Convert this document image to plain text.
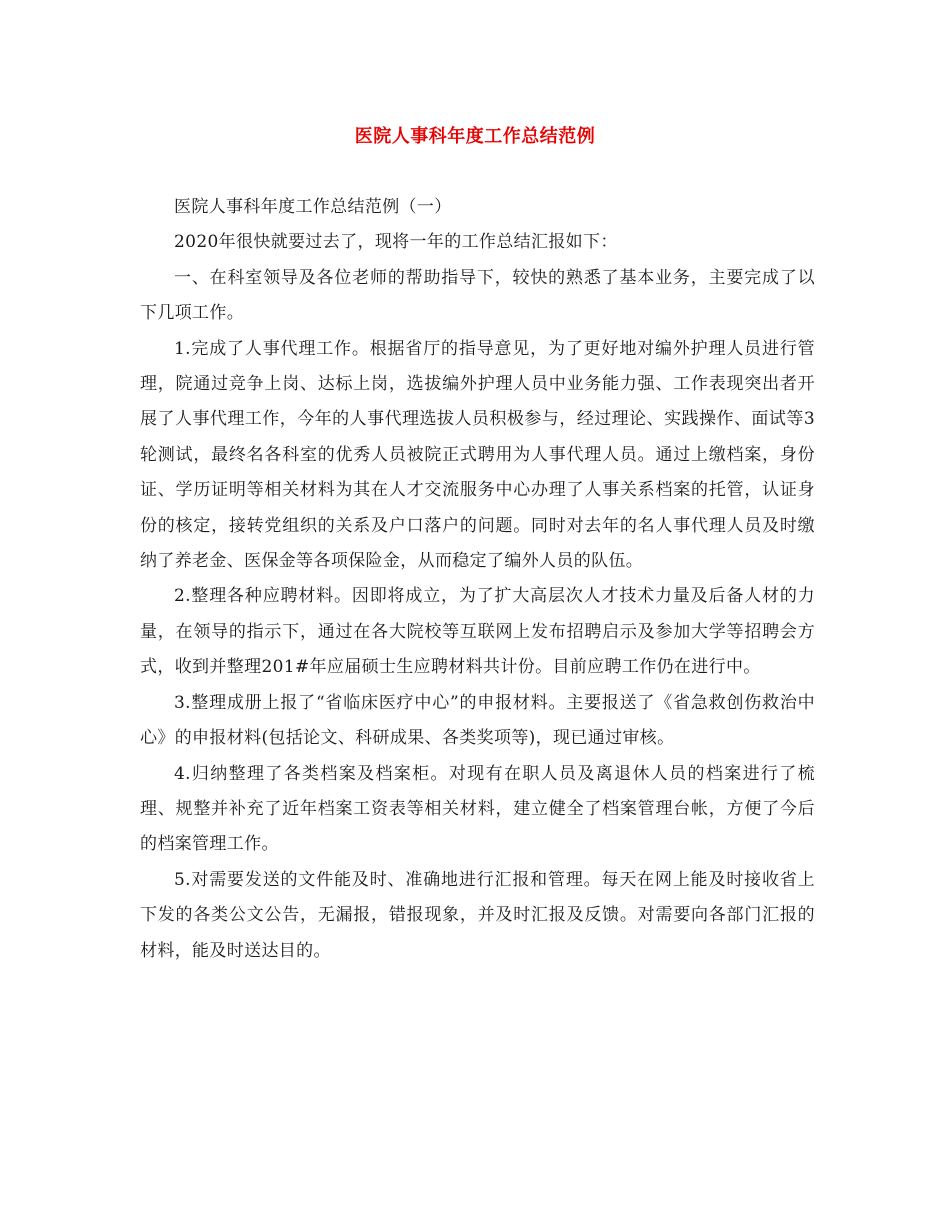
医院人事科年度工作总结范例

医院人事科年度工作总结范例（一）

2020年很快就要过去了，现将一年的工作总结汇报如下：

一、在科室领导及各位老师的帮助指导下，较快的熟悉了基本业务，主要完成了以下几项工作。

1.完成了人事代理工作。根据省厅的指导意见，为了更好地对编外护理人员进行管理，院通过竞争上岗、达标上岗，选拔编外护理人员中业务能力强、工作表现突出者开展了人事代理工作，今年的人事代理选拔人员积极参与，经过理论、实践操作、面试等3轮测试，最终名各科室的优秀人员被院正式聘用为人事代理人员。通过上缴档案，身份证、学历证明等相关材料为其在人才交流服务中心办理了人事关系档案的托管，认证身份的核定，接转党组织的关系及户口落户的问题。同时对去年的名人事代理人员及时缴纳了养老金、医保金等各项保险金，从而稳定了编外人员的队伍。

2.整理各种应聘材料。因即将成立，为了扩大高层次人才技术力量及后备人材的力量，在领导的指示下，通过在各大院校等互联网上发布招聘启示及参加大学等招聘会方式，收到并整理201#年应届硕士生应聘材料共计份。目前应聘工作仍在进行中。

3.整理成册上报了“省临床医疗中心”的申报材料。主要报送了《省急救创伤救治中心》的申报材料(包括论文、科研成果、各类奖项等)，现已通过审核。

4.归纳整理了各类档案及档案柜。对现有在职人员及离退休人员的档案进行了梳理、规整并补充了近年档案工资表等相关材料，建立健全了档案管理台帐，方便了今后的档案管理工作。

5.对需要发送的文件能及时、准确地进行汇报和管理。每天在网上能及时接收省上下发的各类公文公告，无漏报，错报现象，并及时汇报及反馈。对需要向各部门汇报的材料，能及时送达目的。
